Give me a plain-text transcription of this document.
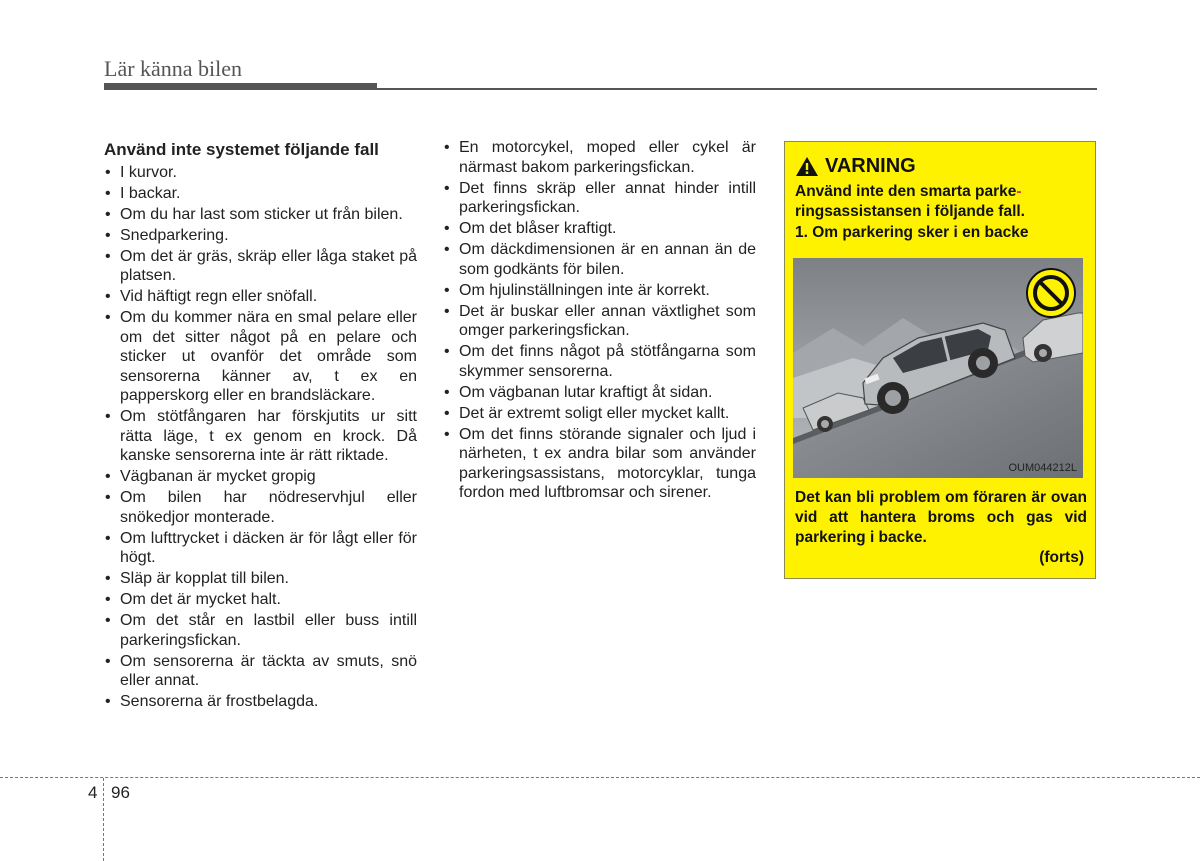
Lär känna bilen
Använd inte systemet följande fall
• I kurvor.
• I backar.
• Om du har last som sticker ut från bilen.
• Snedparkering.
• Om det är gräs, skräp eller låga staket på platsen.
• Vid häftigt regn eller snöfall.
• Om du kommer nära en smal pelare eller om det sitter något på en pelare och sticker ut ovanför det område som sensorerna känner av, t ex en papperskorg eller en brandsläckare.
• Om stötfångaren har förskjutits ur sitt rätta läge, t ex genom en krock. Då kanske sensorerna inte är rätt riktade.
• Vägbanan är mycket gropig
• Om bilen har nödreservhjul eller snökedjor monterade.
• Om lufttrycket i däcken är för lågt eller för högt.
• Släp är kopplat till bilen.
• Om det är mycket halt.
• Om det står en lastbil eller buss intill parkeringsfickan.
• Om sensorerna är täckta av smuts, snö eller annat.
• Sensorerna är frostbelagda.
• En motorcykel, moped eller cykel är närmast bakom parkeringsfickan.
• Det finns skräp eller annat hinder intill parkeringsfickan.
• Om det blåser kraftigt.
• Om däckdimensionen är en annan än de som godkänts för bilen.
• Om hjulinställningen inte är korrekt.
• Det är buskar eller annan växtlighet som omger parkeringsfickan.
• Om det finns något på stötfångarna som skymmer sensorerna.
• Om vägbanan lutar kraftigt åt sidan.
• Det är extremt soligt eller mycket kallt.
• Om det finns störande signaler och ljud i närheten, t ex andra bilar som använder parkeringsassistans, motorcyklar, tunga fordon med luftbromsar och sirener.
VARNING
Använd inte den smarta parke-
ringsassistansen i följande fall.
1. Om parkering sker i en backe
OUM044212L
Det kan bli problem om föraren är ovan vid att hantera broms och gas vid parkering i backe.
(forts)
4 96
